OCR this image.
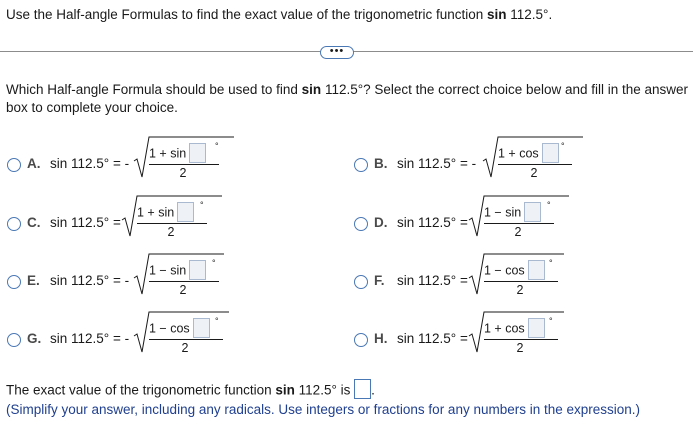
Use the Half-angle Formulas to find the exact value of the trigonometric function sin 112.5°.
•••
Which Half-angle Formula should be used to find sin 112.5°? Select the correct choice below and fill in the answer box to complete your choice.
A. sin 112.5° = -
1 + sin
2
°
B. sin 112.5° = -
1 + cos
2
°
C. sin 112.5° =
1 + sin
2
°
D. sin 112.5° =
1 − sin
2
°
E. sin 112.5° = -
1 − sin
2
°
F. sin 112.5° =
1 − cos
2
°
G. sin 112.5° = -
1 − cos
2
°
H. sin 112.5° =
1 + cos
2
°
The exact value of the trigonometric function sin 112.5° is .
(Simplify your answer, including any radicals. Use integers or fractions for any numbers in the expression.)
